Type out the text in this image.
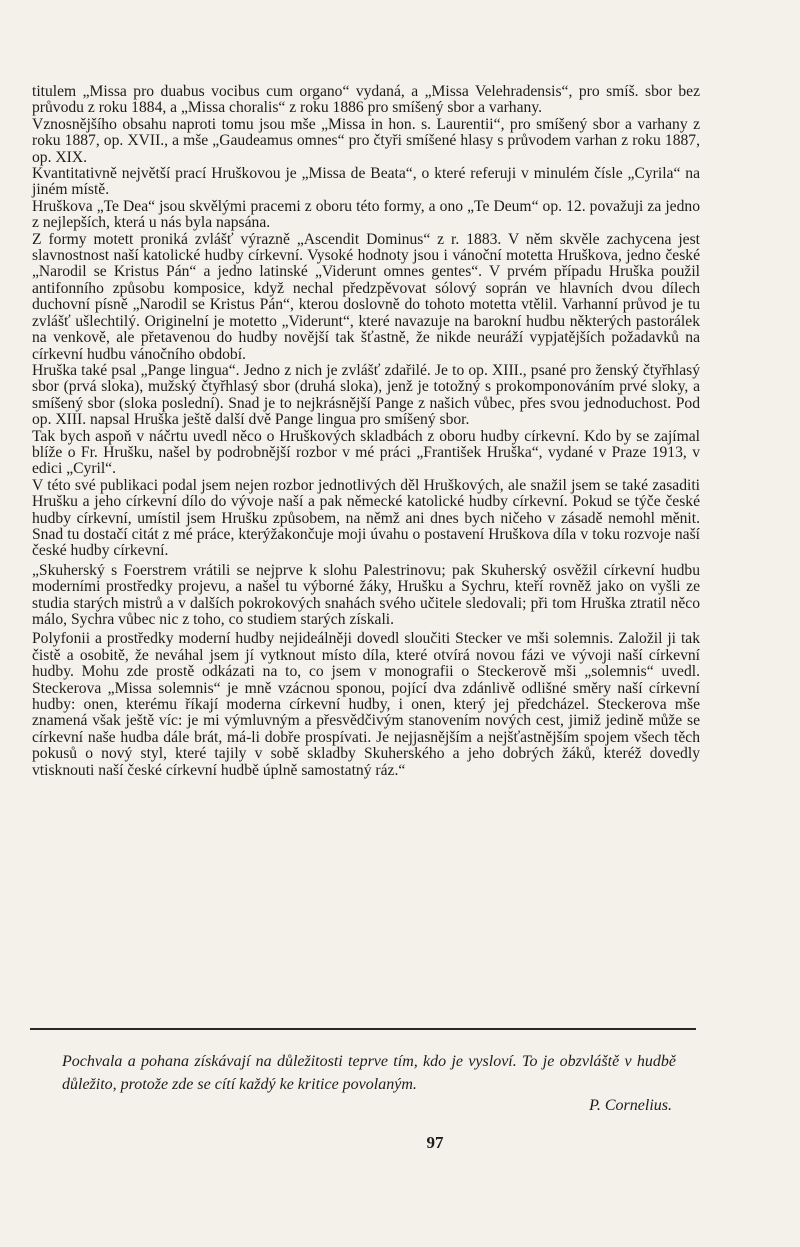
titulem „Missa pro duabus vocibus cum organo“ vydaná, a „Missa Velehradensis“, pro smíš. sbor bez průvodu z roku 1884, a „Missa choralis“ z roku 1886 pro smíšený sbor a varhany.

Vznosnějšího obsahu naproti tomu jsou mše „Missa in hon. s. Laurentii“, pro smíšený sbor a varhany z roku 1887, op. XVII., a mše „Gaudeamus omnes“ pro čtyři smíšené hlasy s průvodem varhan z roku 1887, op. XIX.

Kvantitativně největší prací Hruškovou je „Missa de Beata“, o které referuji v minulém čísle „Cyrila“ na jiném místě.

Hruškova „Te Dea“ jsou skvělými pracemi z oboru této formy, a ono „Te Deum“ op. 12. považuji za jedno z nejlepších, která u nás byla napsána.

Z formy motett proniká zvlášť výrazně „Ascendit Dominus“ z r. 1883. V něm skvěle zachycena jest slavnostnost naší katolické hudby církevní. Vysoké hodnoty jsou i vánoční motetta Hruškova, jedno české „Narodil se Kristus Pán“ a jedno latinské „Viderunt omnes gentes“. V prvém případu Hruška použil antifonního způsobu komposice, když nechal předzpěvovat sólový soprán ve hlavních dvou dílech duchovní písně „Narodil se Kristus Pán“, kterou doslovně do tohoto motetta vtělil. Varhanní průvod je tu zvlášť ušlechtilý. Originelní je motetto „Viderunt“, které navazuje na barokní hudbu některých pastorálek na venkově, ale přetavenou do hudby novější tak šťastně, že nikde neuráží vypjatějších požadavků na církevní hudbu vánočního období.

Hruška také psal „Pange lingua“. Jedno z nich je zvlášť zdařilé. Je to op. XIII., psané pro ženský čtyřhlasý sbor (prvá sloka), mužský čtyřhlasý sbor (druhá sloka), jenž je totožný s prokomponováním prvé sloky, a smíšený sbor (sloka poslední). Snad je to nejkrásnější Pange z našich vůbec, přes svou jednoduchost. Pod op. XIII. napsal Hruška ještě další dvě Pange lingua pro smíšený sbor.

Tak bych aspoň v náčrtu uvedl něco o Hruškových skladbách z oboru hudby církevní. Kdo by se zajímal blíže o Fr. Hrušku, našel by podrobnější rozbor v mé práci „František Hruška“, vydané v Praze 1913, v edici „Cyril“.

V této své publikaci podal jsem nejen rozbor jednotlivých děl Hruškových, ale snažil jsem se také zasaditi Hrušku a jeho církevní dílo do vývoje naší a pak německé katolické hudby církevní. Pokud se týče české hudby církevní, umístil jsem Hrušku způsobem, na němž ani dnes bych ničeho v zásadě nemohl měnit. Snad tu dostačí citát z mé práce, kterýžakončuje moji úvahu o postavení Hruškova díla v toku rozvoje naší české hudby církevní.

„Skuherský s Foerstrem vrátili se nejprve k slohu Palestrinovu; pak Skuherský osvěžil církevní hudbu moderními prostředky projevu, a našel tu výborné žáky, Hrušku a Sychru, kteří rovněž jako on vyšli ze studia starých mistrů a v dalších pokrokových snahách svého učitele sledovali; při tom Hruška ztratil něco málo, Sychra vůbec nic z toho, co studiem starých získali.

Polyfonii a prostředky moderní hudby nejideálněji dovedl sloučiti Stecker ve mši solemnis. Založil ji tak čistě a osobitě, že neváhal jsem jí vytknout místo díla, které otvírá novou fázi ve vývoji naší církevní hudby. Mohu zde prostě odkázati na to, co jsem v monografii o Steckerově mši „solemnis“ uvedl. Steckerova „Missa solemnis“ je mně vzácnou sponou, pojící dva zdánlivě odlišné směry naší církevní hudby: onen, kterému říkají moderna církevní hudby, i onen, který jej předcházel. Steckerova mše znamená však ještě víc: je mi výmluvným a přesvědčivým stanovením nových cest, jimiž jedině může se církevní naše hudba dále brát, má-li dobře prospívati. Je nejjasnějším a nejšťastnějším spojem všech těch pokusů o nový styl, které tajily v sobě skladby Skuherského a jeho dobrých žáků, kteréž dovedly vtisknouti naší české církevní hudbě úplně samostatný ráz.“

Pochvala a pohana získávají na důležitosti teprve tím, kdo je vysloví. To je obzvláště v hudbě důležito, protože zde se cítí každý ke kritice povolaným.
P. Cornelius.
97
